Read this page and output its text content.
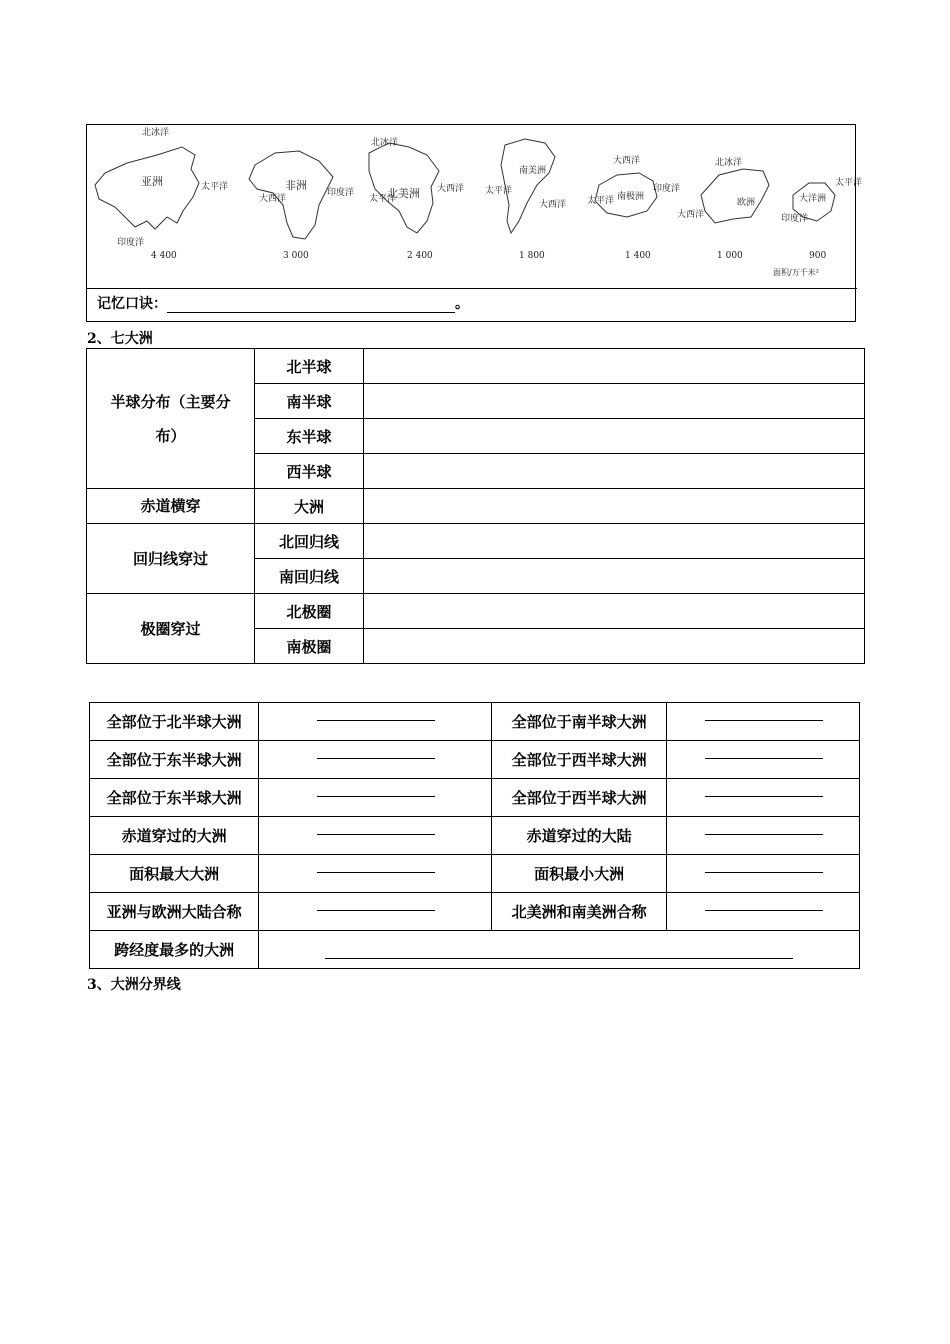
北冰洋
亚洲	太平洋
印度洋
4 400
非洲
大西洋
印度洋
3 000
北冰洋
北美洲
太平洋
大西洋
2 400
南美洲
太平洋
大西洋
1 800
大西洋
南极洲
太平洋
印度洋
1 400
北冰洋
欧洲
大西洋
1 000
大洋洲
印度洋
太平洋
900
面积/万千米²
记忆口诀：	。
2、七大洲
半球分布（主要分
布）	北半球	
	南半球	
	东半球	
	西半球	
赤道横穿	大洲	
回归线穿过	北回归线	
	南回归线	
极圈穿过	北极圈	
	南极圈	
全部位于北半球大洲		全部位于南半球大洲	

全部位于东半球大洲		全部位于西半球大洲	

全部位于东半球大洲		全部位于西半球大洲	

赤道穿过的大洲		赤道穿过的大陆	

面积最大大洲		面积最小大洲	

亚洲与欧洲大陆合称		北美洲和南美洲合称	

跨经度最多的大洲			
3、大洲分界线
